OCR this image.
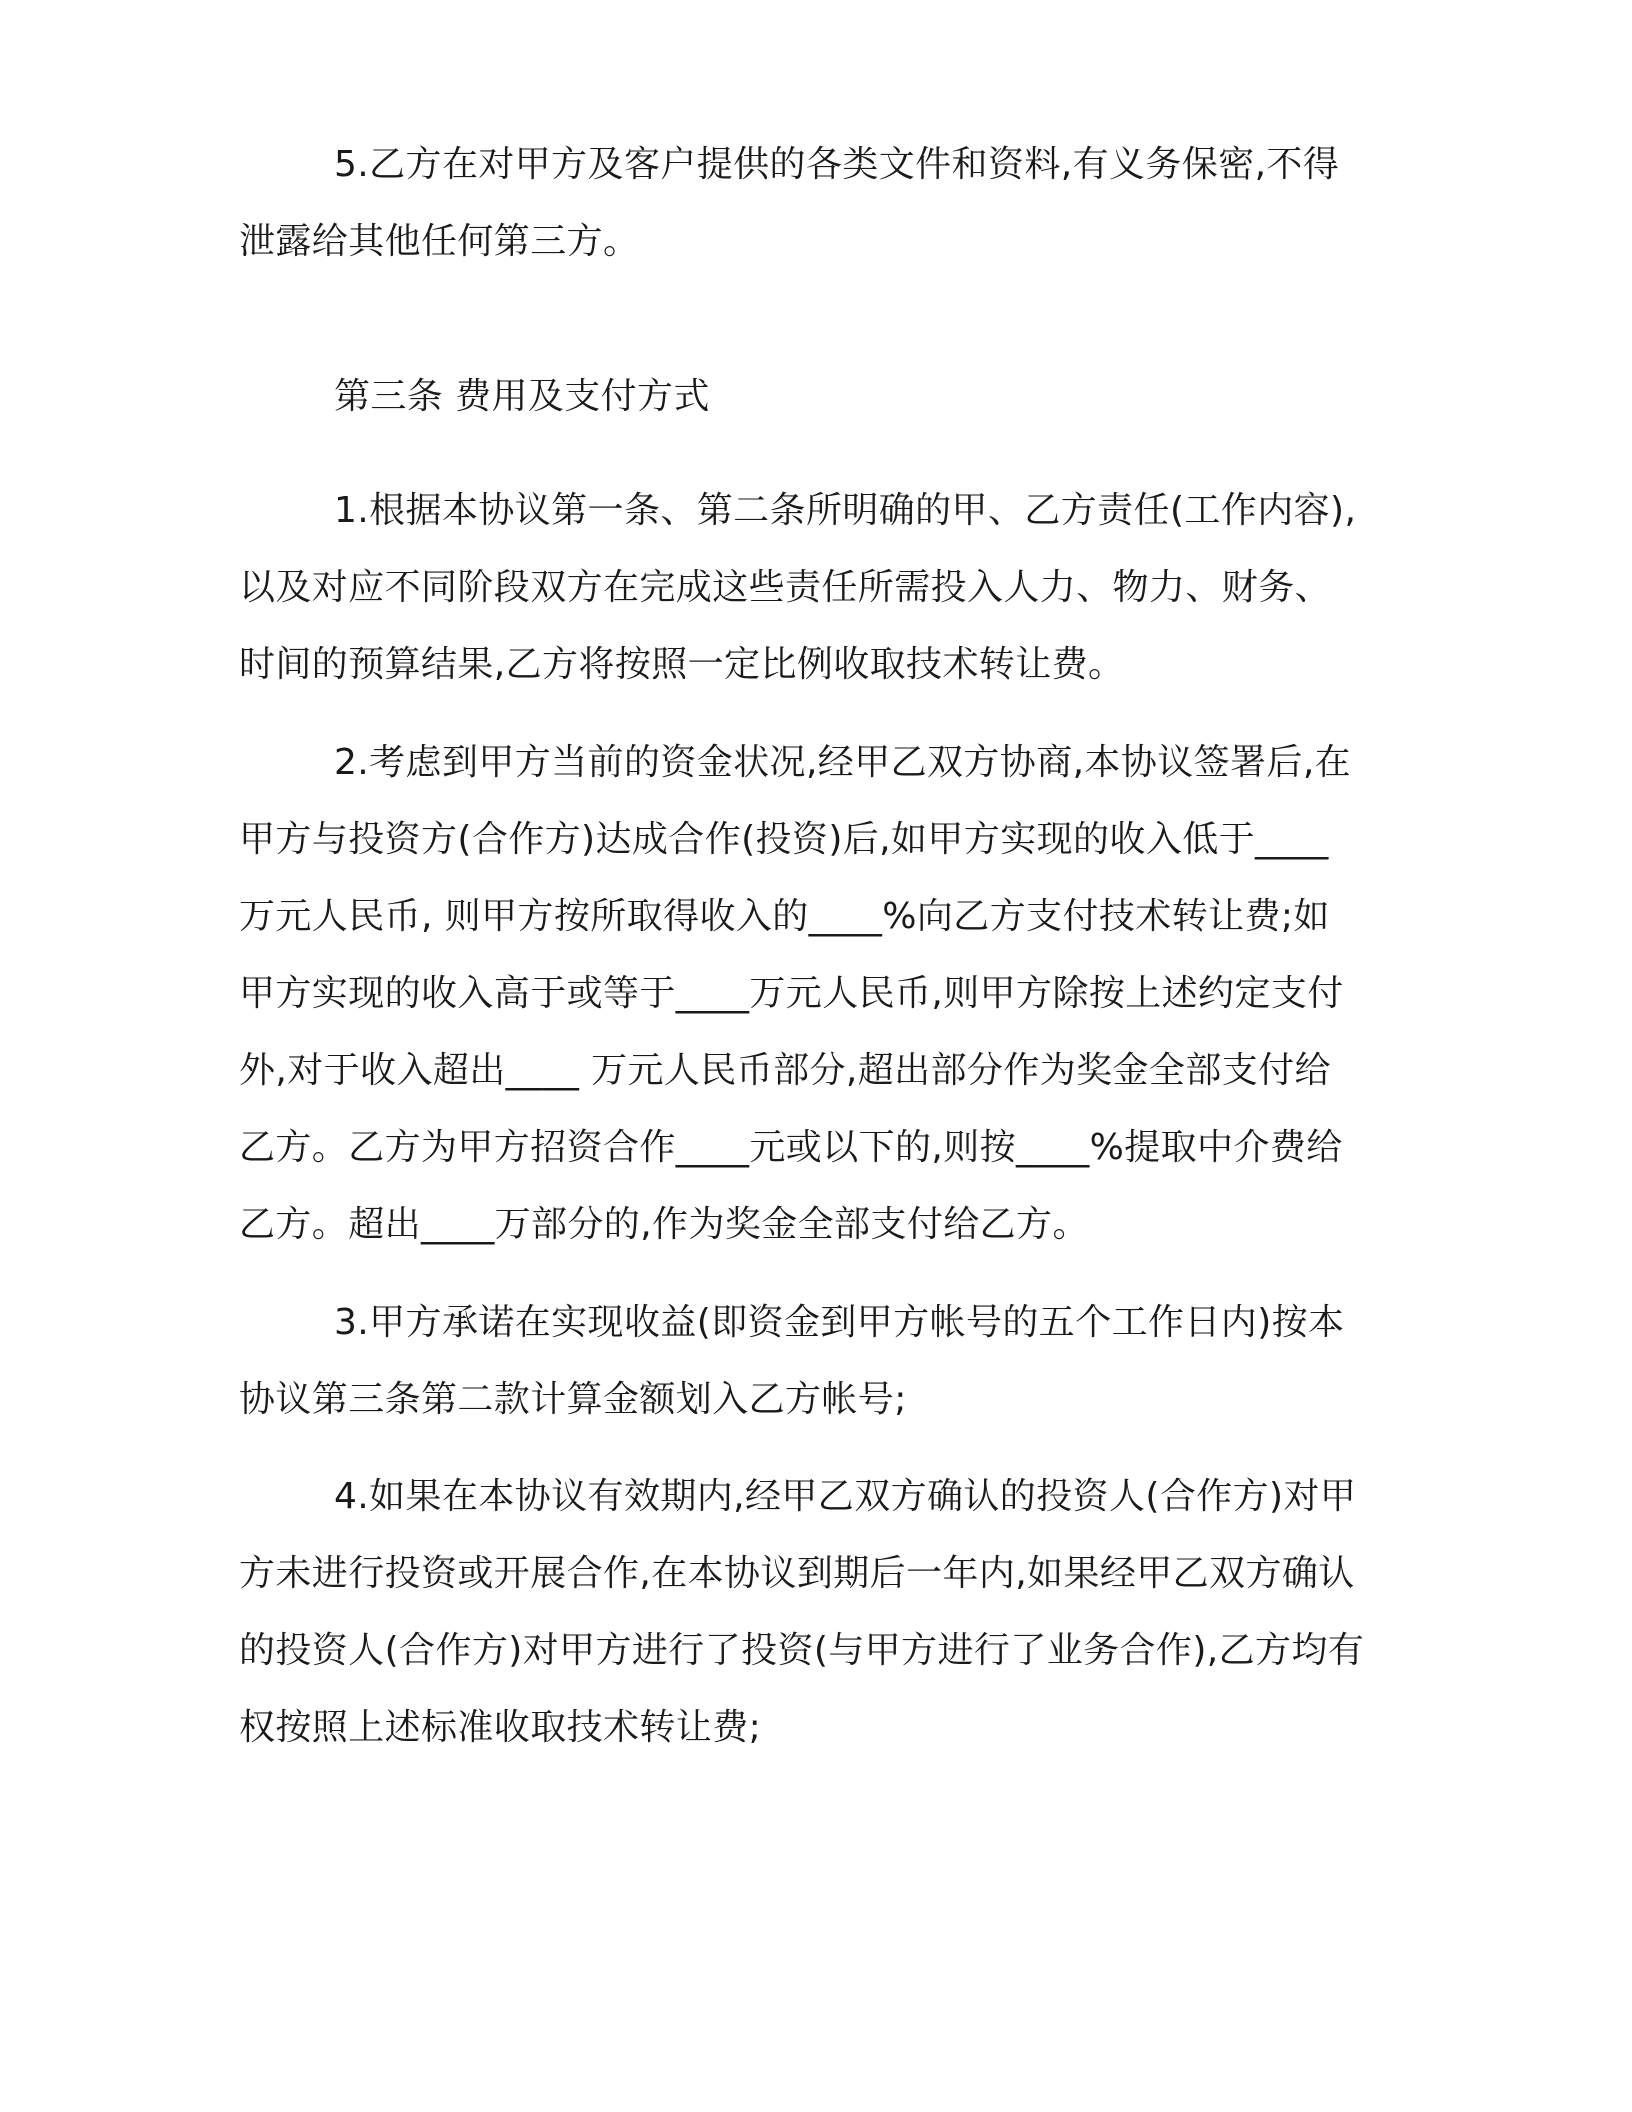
5.乙方在对甲方及客户提供的各类文件和资料,有义务保密,不得
泄露给其他任何第三方。
第三条 费用及支付方式
1.根据本协议第一条、第二条所明确的甲、乙方责任(工作内容),
以及对应不同阶段双方在完成这些责任所需投入人力、物力、财务、
时间的预算结果,乙方将按照一定比例收取技术转让费。
2.考虑到甲方当前的资金状况,经甲乙双方协商,本协议签署后,在
甲方与投资方(合作方)达成合作(投资)后,如甲方实现的收入低于____
万元人民币, 则甲方按所取得收入的____%向乙方支付技术转让费;如
甲方实现的收入高于或等于____万元人民币,则甲方除按上述约定支付
外,对于收入超出____ 万元人民币部分,超出部分作为奖金全部支付给
乙方。乙方为甲方招资合作____元或以下的,则按____%提取中介费给
乙方。超出____万部分的,作为奖金全部支付给乙方。
3.甲方承诺在实现收益(即资金到甲方帐号的五个工作日内)按本
协议第三条第二款计算金额划入乙方帐号;
4.如果在本协议有效期内,经甲乙双方确认的投资人(合作方)对甲
方未进行投资或开展合作,在本协议到期后一年内,如果经甲乙双方确认
的投资人(合作方)对甲方进行了投资(与甲方进行了业务合作),乙方均有
权按照上述标准收取技术转让费;
